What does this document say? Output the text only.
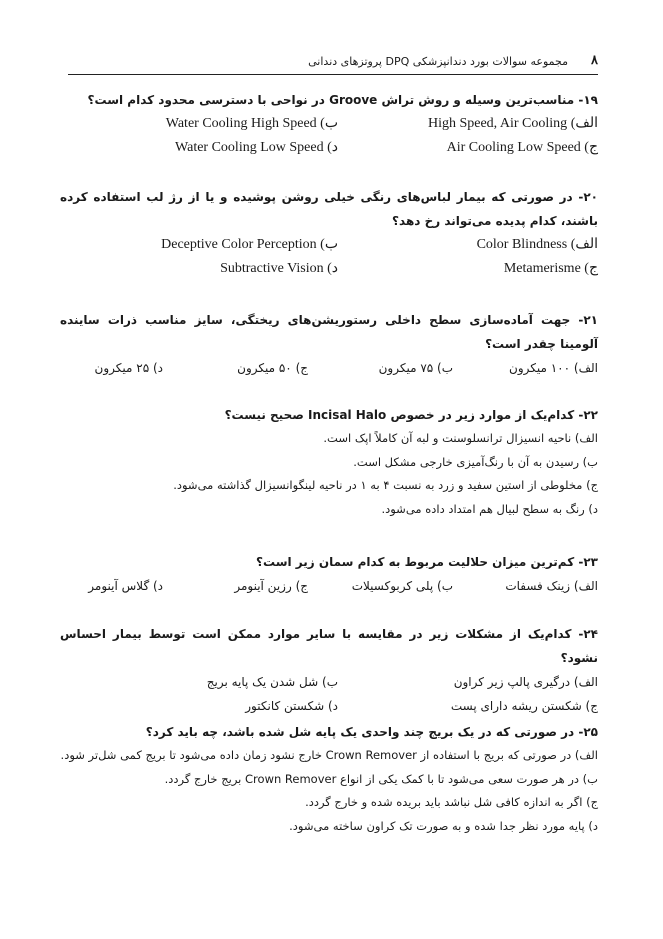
۸
مجموعه سوالات بورد دندانپزشکی DPQ پروتزهای دندانی
۱۹- مناسب‌ترین وسیله و روش تراش Groove در نواحی با دسترسی محدود کدام است؟
الف) High Speed, Air Cooling
ب) Water Cooling High Speed
ج) Air Cooling Low Speed
د) Water Cooling Low Speed
۲۰- در صورتی که بیمار لباس‌های رنگی خیلی روشن پوشیده و یا از رژ لب استفاده کرده باشند، کدام پدیده می‌تواند رخ دهد؟
الف) Color Blindness
ب) Deceptive Color Perception
ج) Metamerisme
د) Subtractive Vision
۲۱- جهت آماده‌سازی سطح داخلی رستوریشن‌های ریختگی، سایز مناسب ذرات ساینده آلومینا چقدر است؟
الف) ۱۰۰ میکرون
ب) ۷۵ میکرون
ج) ۵۰ میکرون
د) ۲۵ میکرون
۲۲- کدام‌یک از موارد زیر در خصوص Incisal Halo صحیح نیست؟
الف) ناحیه انسیزال ترانسلوسنت و لبه آن کاملاً اپک است.
ب) رسیدن به آن با رنگ‌آمیزی خارجی مشکل است.
ج) مخلوطی از استین سفید و زرد به نسبت ۴ به ۱ در ناحیه لینگوانسیزال گذاشته می‌شود.
د) رنگ به سطح لبیال هم امتداد داده می‌شود.
۲۳- کم‌ترین میزان حلالیت مربوط به کدام سمان زیر است؟
الف) زینک فسفات
ب) پلی کربوکسیلات
ج) رزین آینومر
د) گلاس آینومر
۲۴- کدام‌یک از مشکلات زیر در مقایسه با سایر موارد ممکن است توسط بیمار احساس نشود؟
الف) درگیری پالپ زیر کراون
ب) شل شدن یک پایه بریج
ج) شکستن ریشه دارای پست
د) شکستن کانکتور
۲۵- در صورتی که در یک بریج چند واحدی یک پایه شل شده باشد، چه باید کرد؟
الف) در صورتی که بریج با استفاده از Crown Remover خارج نشود زمان داده می‌شود تا بریج کمی شل‌تر شود.
ب) در هر صورت سعی می‌شود تا با کمک یکی از انواع Crown Remover بریج خارج گردد.
ج) اگر به اندازه کافی شل نباشد باید بریده شده و خارج گردد.
د) پایه مورد نظر جدا شده و به صورت تک کراون ساخته می‌شود.
